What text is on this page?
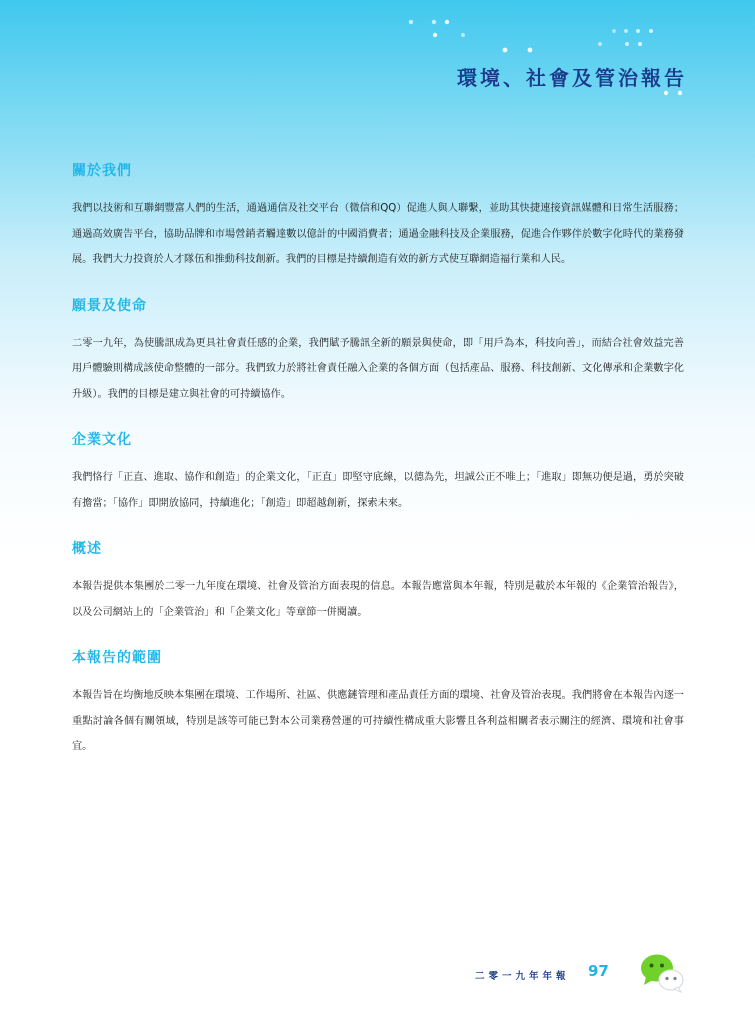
環境、社會及管治報告
關於我們

我們以技術和互聯網豐富人們的生活，通過通信及社交平台（微信和QQ）促進人與人聯繫，並助其快捷連接資訊媒體和日常生活服務；通過高效廣告平台，協助品牌和市場營銷者觸達數以億計的中國消費者；通過金融科技及企業服務，促進合作夥伴於數字化時代的業務發展。我們大力投資於人才隊伍和推動科技創新。我們的目標是持續創造有效的新方式使互聯網造福行業和人民。

願景及使命

二零一九年，為使騰訊成為更具社會責任感的企業，我們賦予騰訊全新的願景與使命，即「用戶為本，科技向善」，而結合社會效益完善用戶體驗則構成該使命整體的一部分。我們致力於將社會責任融入企業的各個方面（包括產品、服務、科技創新、文化傳承和企業數字化升級）。我們的目標是建立與社會的可持續協作。

企業文化

我們恪行「正直、進取、協作和創造」的企業文化，「正直」即堅守底線，以德為先，坦誠公正不唯上；「進取」即無功便是過，勇於突破有擔當；「協作」即開放協同，持續進化；「創造」即超越創新，探索未來。

概述

本報告提供本集團於二零一九年度在環境、社會及管治方面表現的信息。本報告應當與本年報，特別是載於本年報的《企業管治報告》，以及公司網站上的「企業管治」和「企業文化」等章節一併閱讀。

本報告的範圍

本報告旨在均衡地反映本集團在環境、工作場所、社區、供應鏈管理和產品責任方面的環境、社會及管治表現。我們將會在本報告內逐一重點討論各個有關領域，特別是該等可能已對本公司業務營運的可持續性構成重大影響且各利益相關者表示關注的經濟、環境和社會事宜。

二零一九年年報 97
